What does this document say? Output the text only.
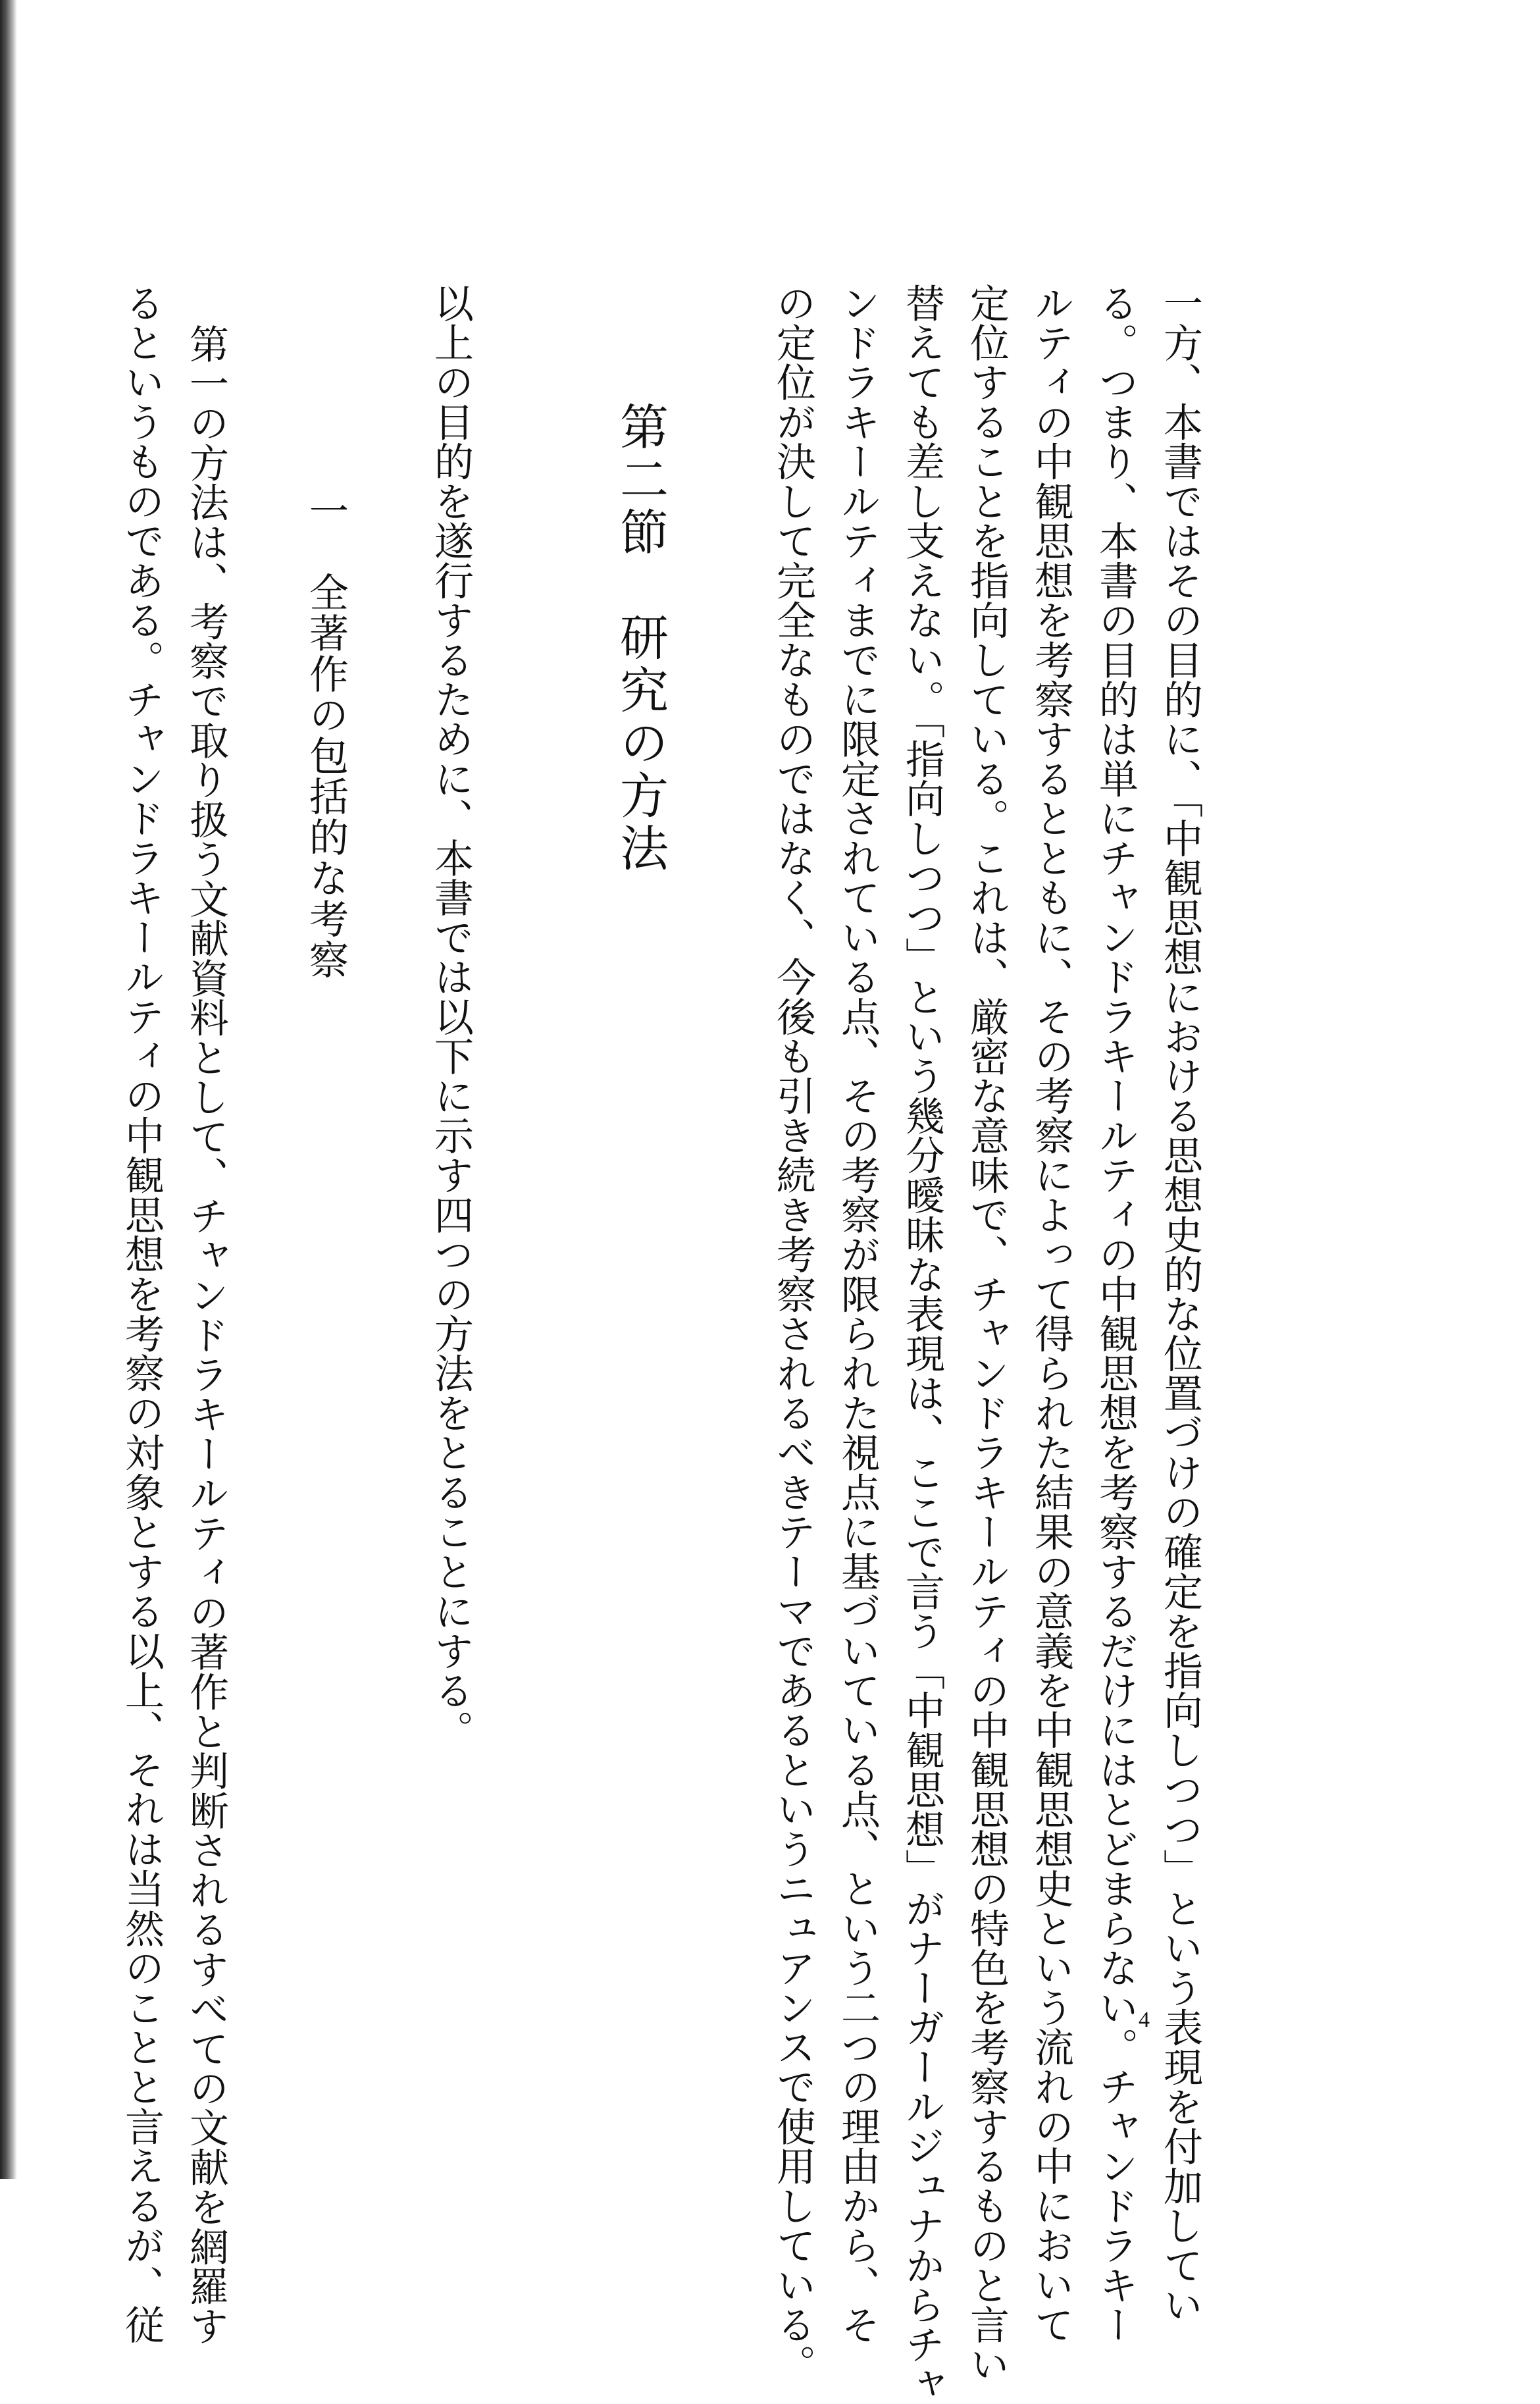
一方、本書ではその目的に、「中観思想における思想史的な位置づけの確定を指向しつつ」という表現を付加してい
る。つまり、本書の目的は単にチャンドラキールティの中観思想を考察するだけにはとどまらない。チャンドラキー
ルティの中観思想を考察するとともに、その考察によって得られた結果の意義を中観思想史という流れの中において
定位することを指向している。これは、厳密な意味で、チャンドラキールティの中観思想の特色を考察するものと言い
替えても差し支えない。「指向しつつ」という幾分曖昧な表現は、ここで言う「中観思想」がナーガールジュナからチャ
ンドラキールティまでに限定されている点、その考察が限られた視点に基づいている点、という二つの理由から、そ
の定位が決して完全なものではなく、今後も引き続き考察されるべきテーマであるというニュアンスで使用している。
第二節　研究の方法
以上の目的を遂行するために、本書では以下に示す四つの方法をとることにする。
一　全著作の包括的な考察
第一の方法は、考察で取り扱う文献資料として、チャンドラキールティの著作と判断されるすべての文献を網羅す
るというものである。チャンドラキールティの中観思想を考察の対象とする以上、それは当然のことと言えるが、従	4
